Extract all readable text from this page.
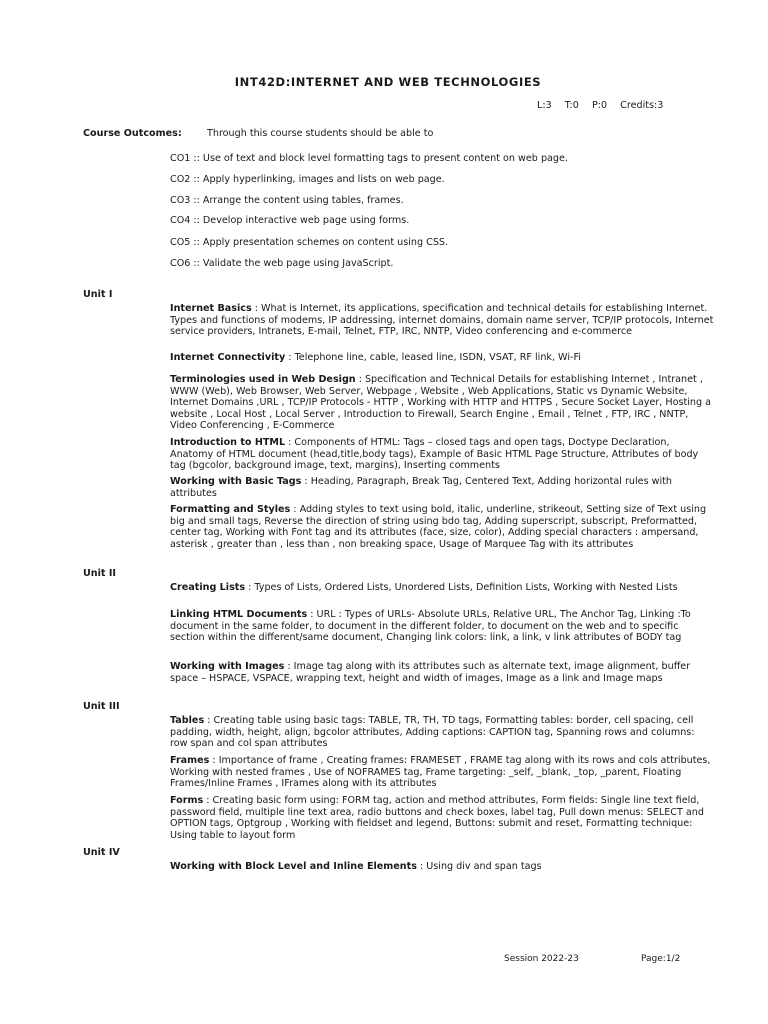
INT42D:INTERNET AND WEB TECHNOLOGIES
L:3 T:0 P:0 Credits:3
Course Outcomes:	Through this course students should be able to
CO1 :: Use of text and block level formatting tags to present content on web page.
CO2 :: Apply hyperlinking, images and lists on web page.
CO3 :: Arrange the content using tables, frames.
CO4 :: Develop interactive web page using forms.
CO5 :: Apply presentation schemes on content using CSS.
CO6 :: Validate the web page using JavaScript.
Unit I
Internet Basics : What is Internet, its applications, specification and technical details for establishing Internet. Types and functions of modems, IP addressing, internet domains, domain name server, TCP/IP protocols, Internet service providers, Intranets, E-mail, Telnet, FTP, IRC, NNTP, Video conferencing and e-commerce
Internet Connectivity : Telephone line, cable, leased line, ISDN, VSAT, RF link, Wi-Fi
Terminologies used in Web Design : Specification and Technical Details for establishing Internet , Intranet , WWW (Web), Web Browser, Web Server, Webpage , Website , Web Applications, Static vs Dynamic Website, Internet Domains ,URL , TCP/IP Protocols - HTTP , Working with HTTP and HTTPS , Secure Socket Layer, Hosting a website , Local Host , Local Server , Introduction to Firewall, Search Engine , Email , Telnet , FTP, IRC , NNTP, Video Conferencing , E-Commerce
Introduction to HTML : Components of HTML: Tags – closed tags and open tags, Doctype Declaration, Anatomy of HTML document (head,title,body tags), Example of Basic HTML Page Structure, Attributes of body tag (bgcolor, background image, text, margins), Inserting comments
Working with Basic Tags : Heading, Paragraph, Break Tag, Centered Text, Adding horizontal rules with attributes
Formatting and Styles : Adding styles to text using bold, italic, underline, strikeout, Setting size of Text using big and small tags, Reverse the direction of string using bdo tag, Adding superscript, subscript, Preformatted, center tag, Working with Font tag and its attributes (face, size, color), Adding special characters : ampersand, asterisk , greater than , less than , non breaking space, Usage of Marquee Tag with its attributes
Unit II
Creating Lists : Types of Lists, Ordered Lists, Unordered Lists, Definition Lists, Working with Nested Lists
Linking HTML Documents : URL : Types of URLs- Absolute URLs, Relative URL, The Anchor Tag, Linking :To document in the same folder, to document in the different folder, to document on the web and to specific section within the different/same document, Changing link colors: link, a link, v link attributes of BODY tag
Working with Images : Image tag along with its attributes such as alternate text, image alignment, buffer space – HSPACE, VSPACE, wrapping text, height and width of images, Image as a link and Image maps
Unit III
Tables : Creating table using basic tags: TABLE, TR, TH, TD tags, Formatting tables: border, cell spacing, cell padding, width, height, align, bgcolor attributes, Adding captions: CAPTION tag, Spanning rows and columns: row span and col span attributes
Frames : Importance of frame , Creating frames: FRAMESET , FRAME tag along with its rows and cols attributes, Working with nested frames , Use of NOFRAMES tag, Frame targeting: _self, _blank, _top, _parent, Floating Frames/Inline Frames , IFrames along with its attributes
Forms : Creating basic form using: FORM tag, action and method attributes, Form fields: Single line text field, password field, multiple line text area, radio buttons and check boxes, label tag, Pull down menus: SELECT and OPTION tags, Optgroup , Working with fieldset and legend, Buttons: submit and reset, Formatting technique: Using table to layout form
Unit IV
Working with Block Level and Inline Elements : Using div and span tags
Session 2022-23	Page:1/2
